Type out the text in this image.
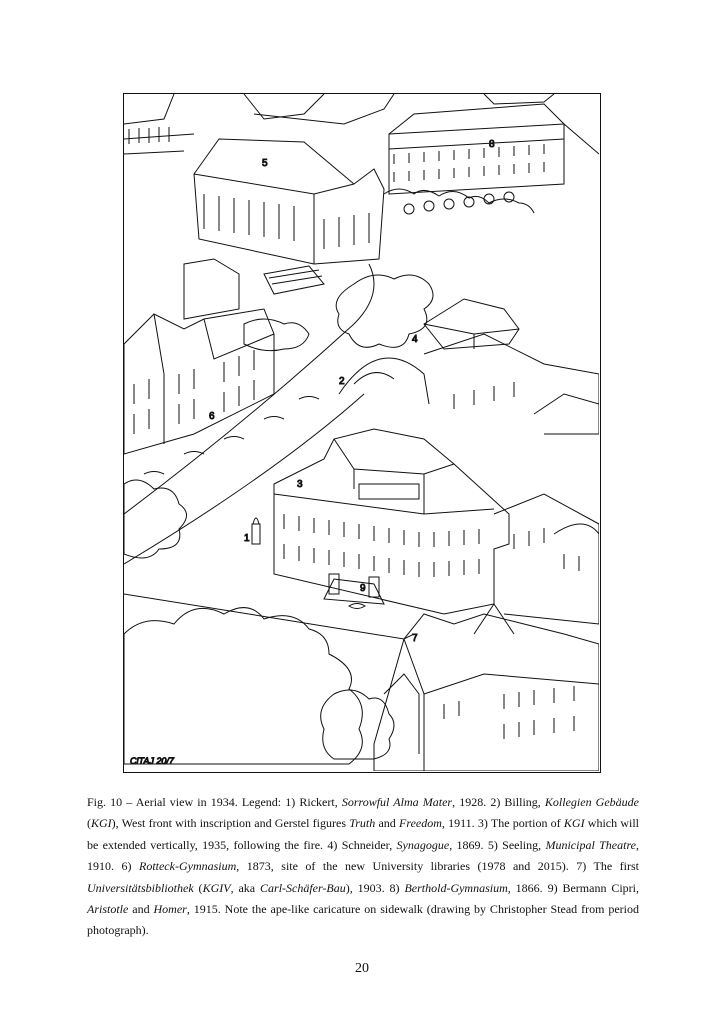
5
8
4
2
6
3
1
9
7
CiTAJ 20/7
Fig. 10 – Aerial view in 1934. Legend: 1) Rickert, Sorrowful Alma Mater, 1928. 2) Billing, Kollegien Gebäude (KGI), West front with inscription and Gerstel figures Truth and Freedom, 1911. 3) The portion of KGI which will be extended vertically, 1935, following the fire. 4) Schneider, Synagogue, 1869. 5) Seeling, Municipal Theatre, 1910. 6) Rotteck-Gymnasium, 1873, site of the new University libraries (1978 and 2015). 7) The first Universitätsbibliothek (KGIV, aka Carl-Schäfer-Bau), 1903. 8) Berthold-Gymnasium, 1866. 9) Bermann Cipri, Aristotle and Homer, 1915. Note the ape-like caricature on sidewalk (drawing by Christopher Stead from period photograph).
20
